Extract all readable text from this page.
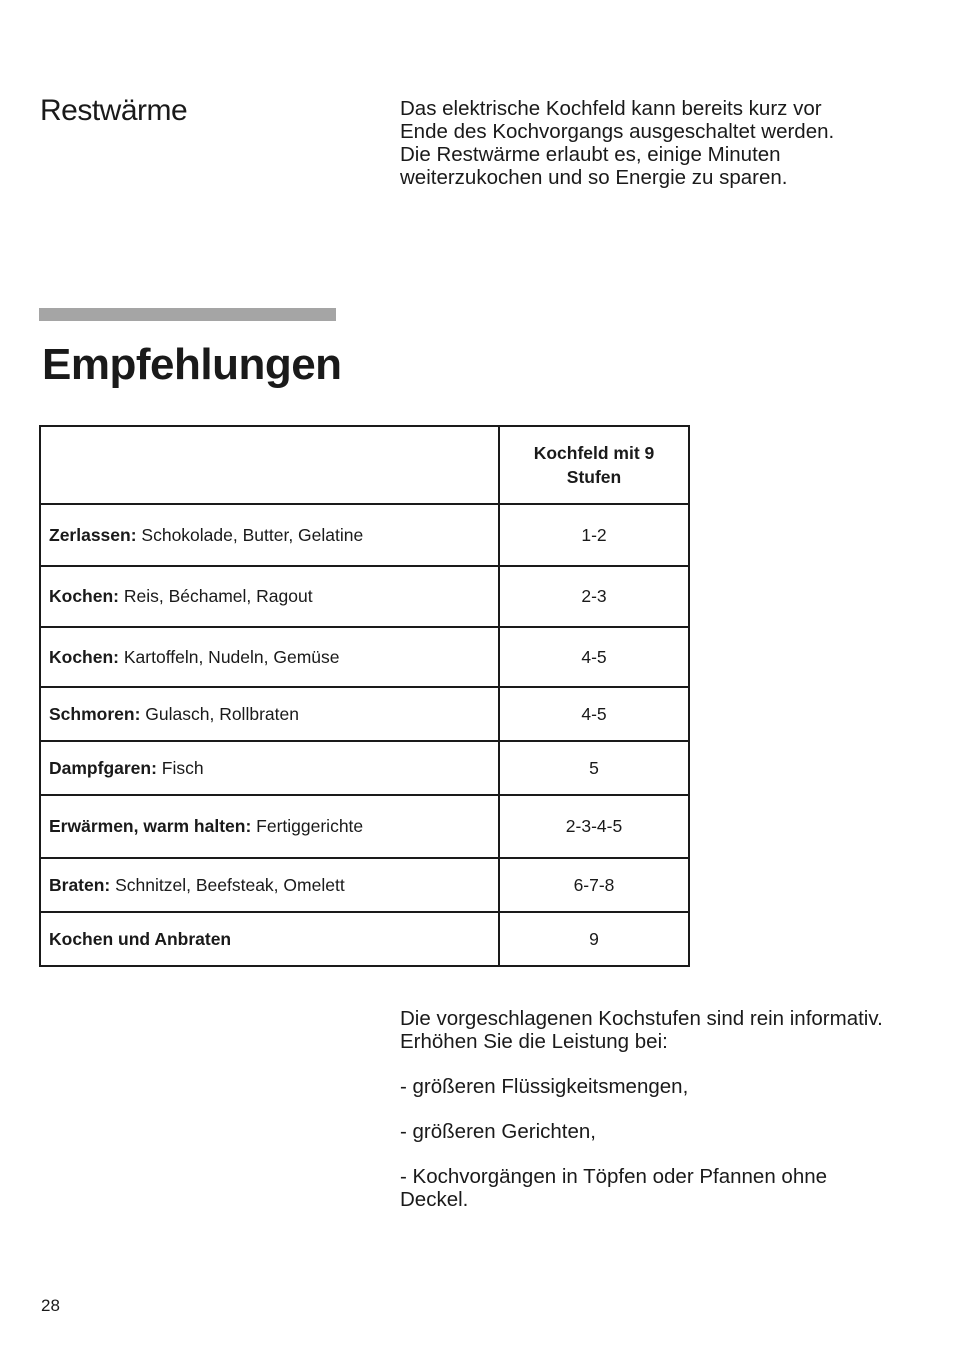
Restwärme	Das elektrische Kochfeld kann bereits kurz vor
Ende des Kochvorgangs ausgeschaltet werden.
Die Restwärme erlaubt es, einige Minuten
weiterzukochen und so Energie zu sparen.

Empfehlungen
	Kochfeld mit 9
Stufen
Zerlassen: Schokolade, Butter, Gelatine	1-2
Kochen: Reis, Béchamel, Ragout	2-3
Kochen: Kartoffeln, Nudeln, Gemüse	4-5
Schmoren: Gulasch, Rollbraten	4-5
Dampfgaren: Fisch	5
Erwärmen, warm halten: Fertiggerichte	2-3-4-5
Braten: Schnitzel, Beefsteak, Omelett	6-7-8
Kochen und Anbraten	9

Die vorgeschlagenen Kochstufen sind rein informativ.
Erhöhen Sie die Leistung bei:

- größeren Flüssigkeitsmengen,

- größeren Gerichten,

- Kochvorgängen in Töpfen oder Pfannen ohne
Deckel.

28
